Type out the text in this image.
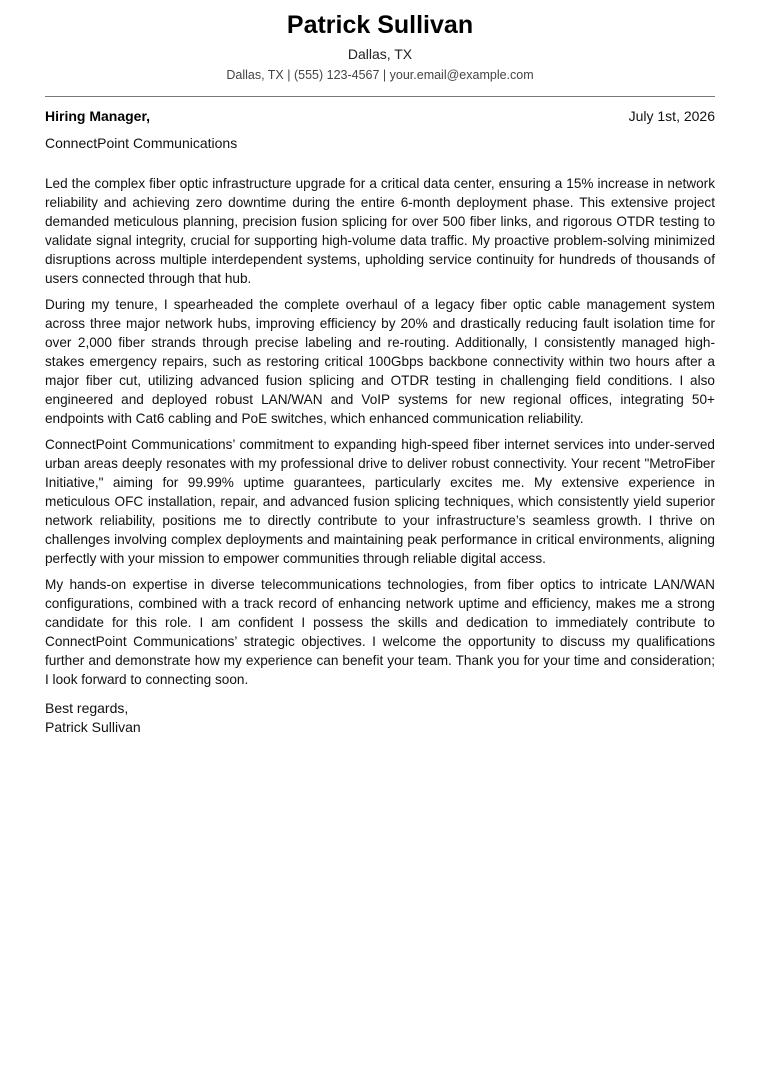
Patrick Sullivan
Dallas, TX
Dallas, TX | (555) 123-4567 | your.email@example.com
Hiring Manager,	July 1st, 2026
ConnectPoint Communications

Led the complex fiber optic infrastructure upgrade for a critical data center, ensuring a 15% increase in network reliability and achieving zero downtime during the entire 6-month deployment phase. This extensive project demanded meticulous planning, precision fusion splicing for over 500 fiber links, and rigorous OTDR testing to validate signal integrity, crucial for supporting high-volume data traffic. My proactive problem-solving minimized disruptions across multiple interdependent systems, upholding service continuity for hundreds of thousands of users connected through that hub.

During my tenure, I spearheaded the complete overhaul of a legacy fiber optic cable management system across three major network hubs, improving efficiency by 20% and drastically reducing fault isolation time for over 2,000 fiber strands through precise labeling and re-routing. Additionally, I consistently managed high-stakes emergency repairs, such as restoring critical 100Gbps backbone connectivity within two hours after a major fiber cut, utilizing advanced fusion splicing and OTDR testing in challenging field conditions. I also engineered and deployed robust LAN/WAN and VoIP systems for new regional offices, integrating 50+ endpoints with Cat6 cabling and PoE switches, which enhanced communication reliability.

ConnectPoint Communications’ commitment to expanding high-speed fiber internet services into under-served urban areas deeply resonates with my professional drive to deliver robust connectivity. Your recent "MetroFiber Initiative," aiming for 99.99% uptime guarantees, particularly excites me. My extensive experience in meticulous OFC installation, repair, and advanced fusion splicing techniques, which consistently yield superior network reliability, positions me to directly contribute to your infrastructure’s seamless growth. I thrive on challenges involving complex deployments and maintaining peak performance in critical environments, aligning perfectly with your mission to empower communities through reliable digital access.

My hands-on expertise in diverse telecommunications technologies, from fiber optics to intricate LAN/WAN configurations, combined with a track record of enhancing network uptime and efficiency, makes me a strong candidate for this role. I am confident I possess the skills and dedication to immediately contribute to ConnectPoint Communications’ strategic objectives. I welcome the opportunity to discuss my qualifications further and demonstrate how my experience can benefit your team. Thank you for your time and consideration; I look forward to connecting soon.

Best regards,
Patrick Sullivan
